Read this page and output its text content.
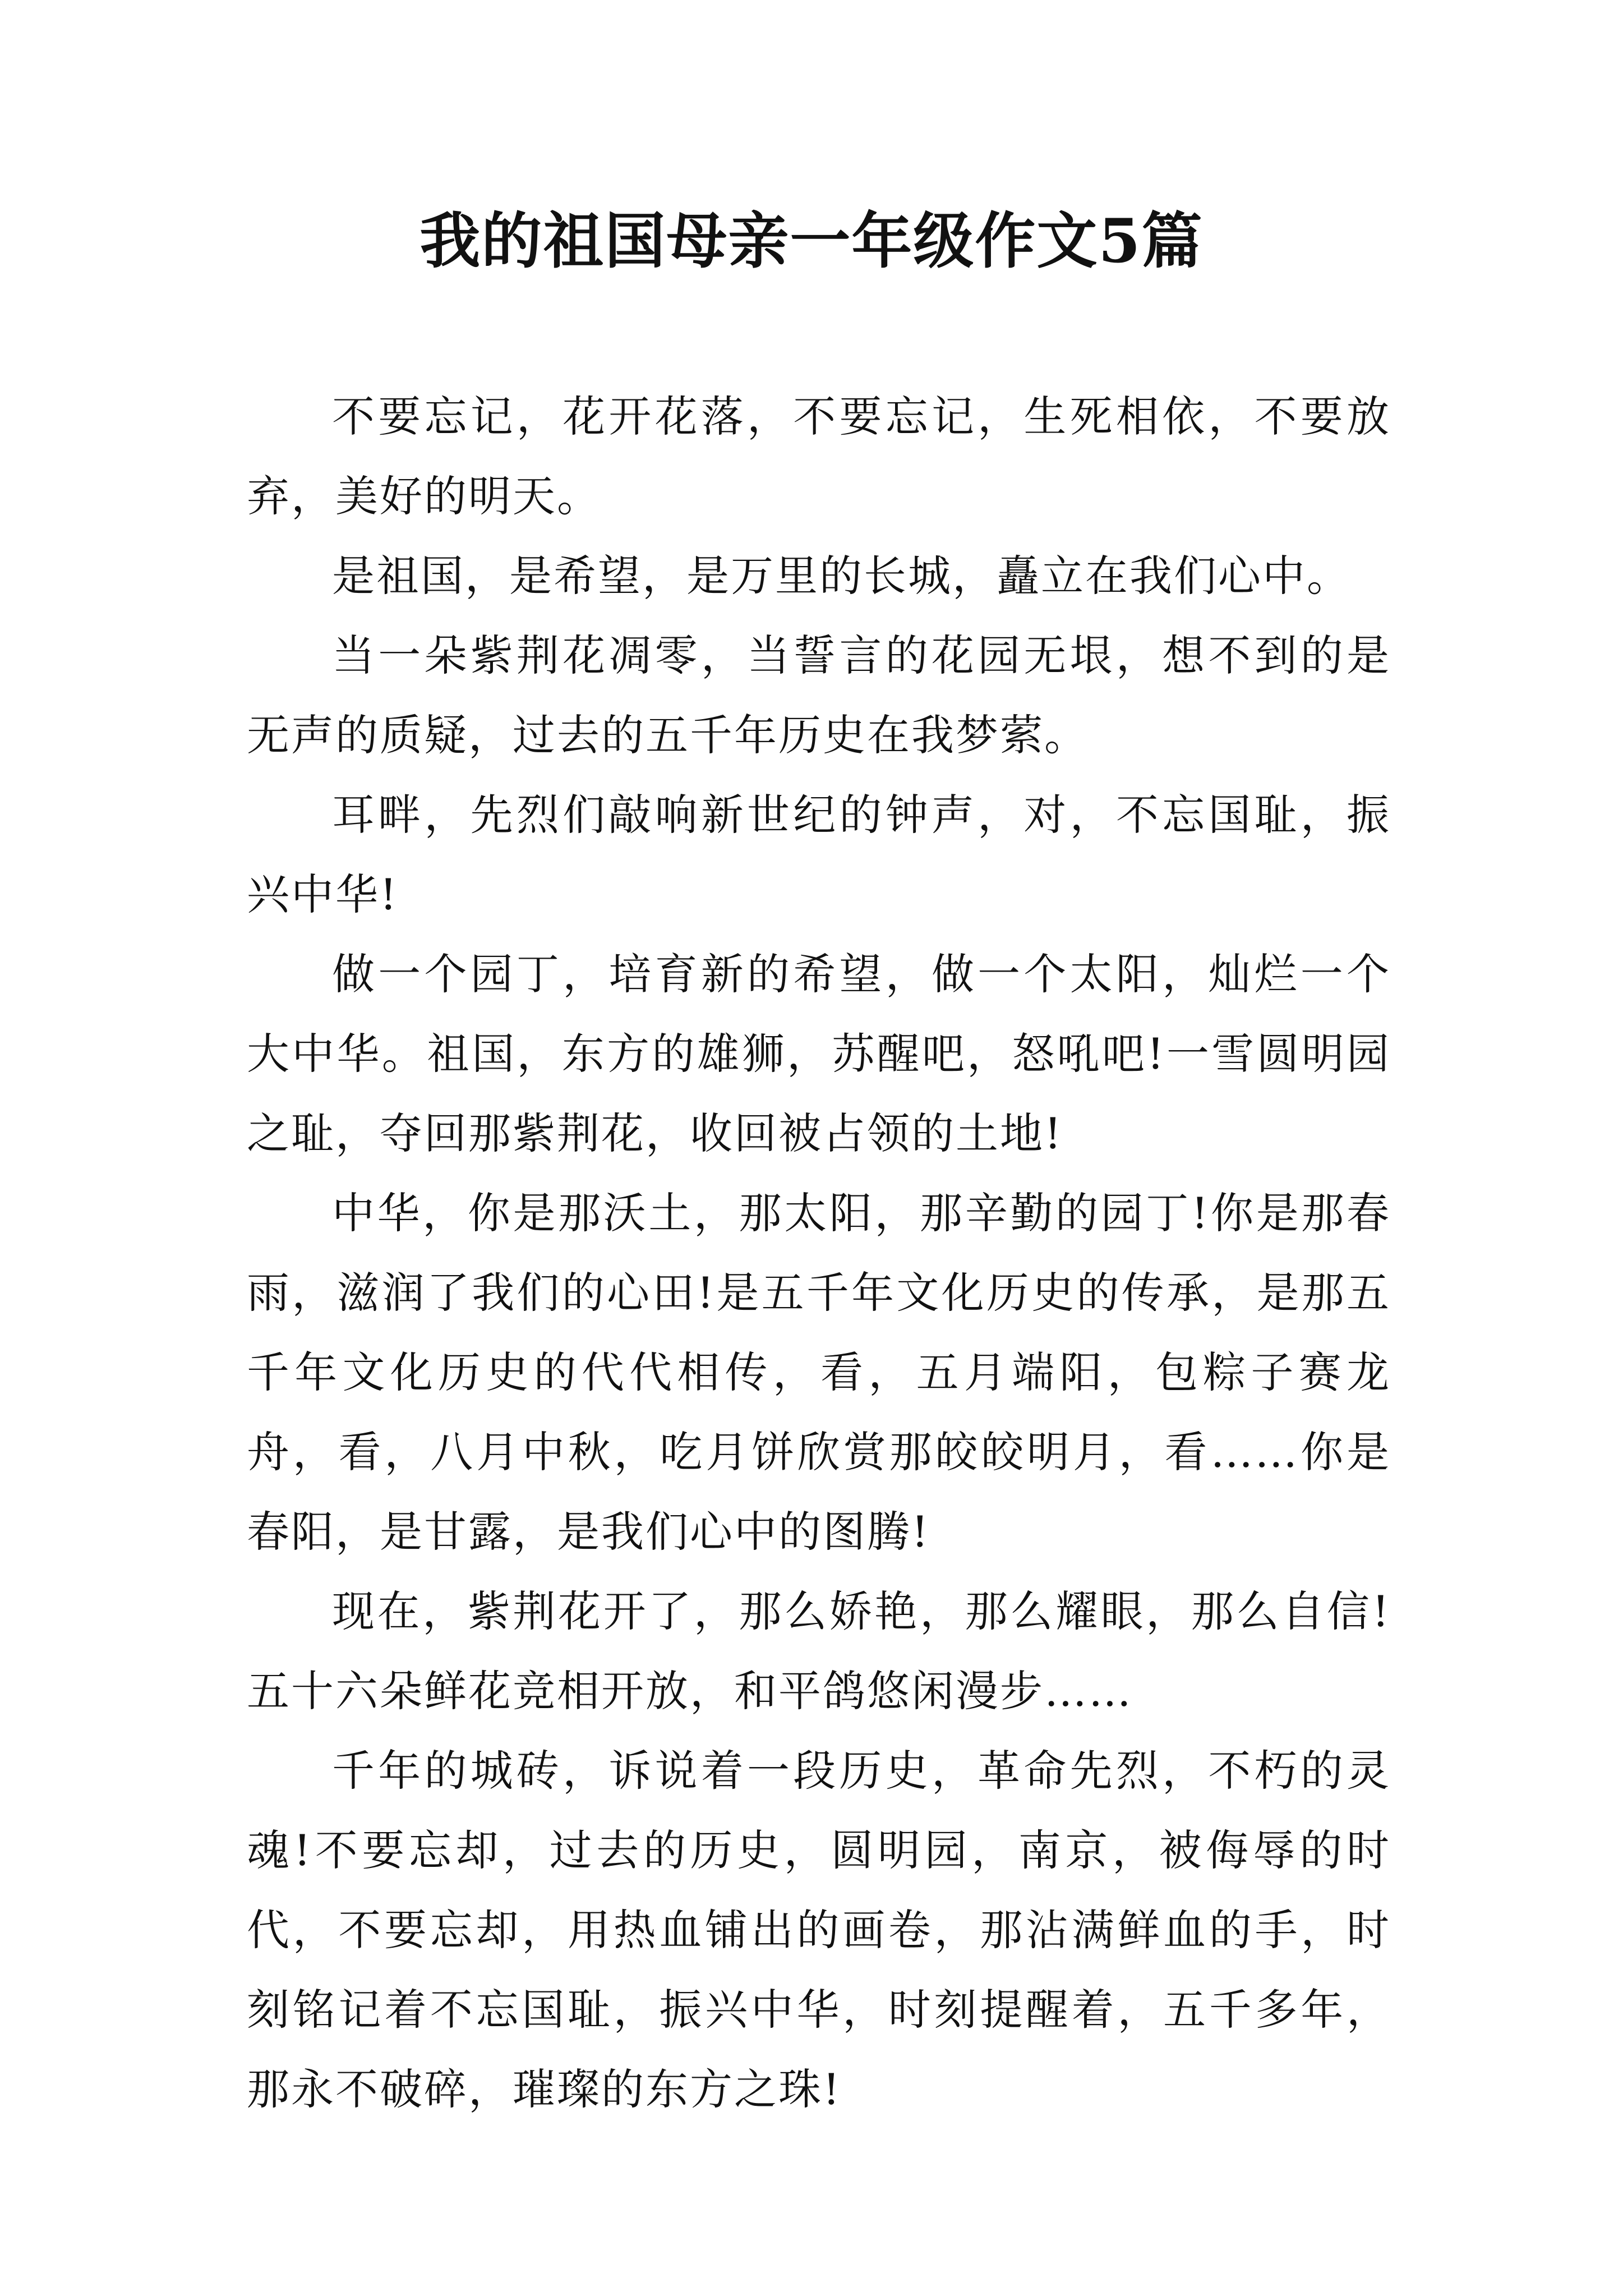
我的祖国母亲一年级作文5篇

不要忘记，花开花落，不要忘记，生死相依，不要放弃，美好的明天。

是祖国，是希望，是万里的长城，矗立在我们心中。

当一朵紫荆花凋零，当誓言的花园无垠，想不到的是无声的质疑，过去的五千年历史在我梦萦。

耳畔，先烈们敲响新世纪的钟声，对，不忘国耻，振兴中华!

做一个园丁，培育新的希望，做一个太阳，灿烂一个大中华。祖国，东方的雄狮，苏醒吧，怒吼吧!一雪圆明园之耻，夺回那紫荆花，收回被占领的土地!

中华，你是那沃土，那太阳，那辛勤的园丁!你是那春雨，滋润了我们的心田!是五千年文化历史的传承，是那五千年文化历史的代代相传，看，五月端阳，包粽子赛龙舟，看，八月中秋，吃月饼欣赏那皎皎明月，看……你是春阳，是甘露，是我们心中的图腾!

现在，紫荆花开了，那么娇艳，那么耀眼，那么自信!五十六朵鲜花竞相开放，和平鸽悠闲漫步……

千年的城砖，诉说着一段历史，革命先烈，不朽的灵魂!不要忘却，过去的历史，圆明园，南京，被侮辱的时代，不要忘却，用热血铺出的画卷，那沾满鲜血的手，时刻铭记着不忘国耻，振兴中华，时刻提醒着，五千多年，那永不破碎，璀璨的东方之珠!
